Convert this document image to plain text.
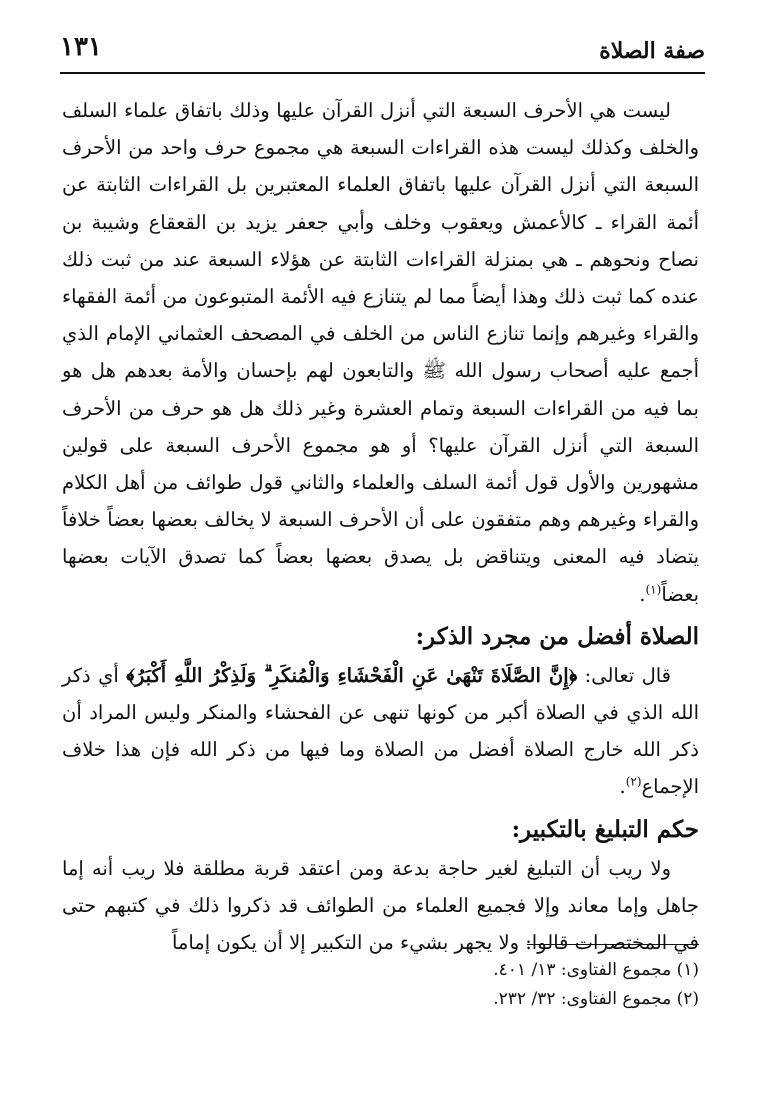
صفة الصلاة
١٣١

ليست هي الأحرف السبعة التي أنزل القرآن عليها وذلك باتفاق علماء السلف والخلف وكذلك ليست هذه القراءات السبعة هي مجموع حرف واحد من الأحرف السبعة التي أنزل القرآن عليها باتفاق العلماء المعتبرين بل القراءات الثابتة عن أئمة القراء ـ كالأعمش ويعقوب وخلف وأبي جعفر يزيد بن القعقاع وشيبة بن نصاح ونحوهم ـ هي بمنزلة القراءات الثابتة عن هؤلاء السبعة عند من ثبت ذلك عنده كما ثبت ذلك وهذا أيضاً مما لم يتنازع فيه الأئمة المتبوعون من أئمة الفقهاء والقراء وغيرهم وإنما تنازع الناس من الخلف في المصحف العثماني الإمام الذي أجمع عليه أصحاب رسول الله ﷺ والتابعون لهم بإحسان والأمة بعدهم هل هو بما فيه من القراءات السبعة وتمام العشرة وغير ذلك هل هو حرف من الأحرف السبعة التي أنزل القرآن عليها؟ أو هو مجموع الأحرف السبعة على قولين مشهورين والأول قول أئمة السلف والعلماء والثاني قول طوائف من أهل الكلام والقراء وغيرهم وهم متفقون على أن الأحرف السبعة لا يخالف بعضها بعضاً خلافاً يتضاد فيه المعنى ويتناقض بل يصدق بعضها بعضاً كما تصدق الآيات بعضها بعضاً$^{(١)}$.

الصلاة أفضل من مجرد الذكر:

قال تعالى: ﴿إِنَّ الصَّلَاةَ تَنْهَىٰ عَنِ الْفَحْشَاءِ وَالْمُنكَرِ ۗ وَلَذِكْرُ اللَّهِ أَكْبَرُ﴾ أي ذكر الله الذي في الصلاة أكبر من كونها تنهى عن الفحشاء والمنكر وليس المراد أن ذكر الله خارج الصلاة أفضل من الصلاة وما فيها من ذكر الله فإن هذا خلاف الإجماع$^{(٢)}$.

حكم التبليغ بالتكبير:

ولا ريب أن التبليغ لغير حاجة بدعة ومن اعتقد قربة مطلقة فلا ريب أنه إما جاهل وإما معاند وإلا فجميع العلماء من الطوائف قد ذكروا ذلك في كتبهم حتى في المختصرات قالوا: ولا يجهر بشيء من التكبير إلا أن يكون إماماً

(١) مجموع الفتاوى: ١٣/ ٤٠١.
(٢) مجموع الفتاوى: ٣٢/ ٢٣٢.
